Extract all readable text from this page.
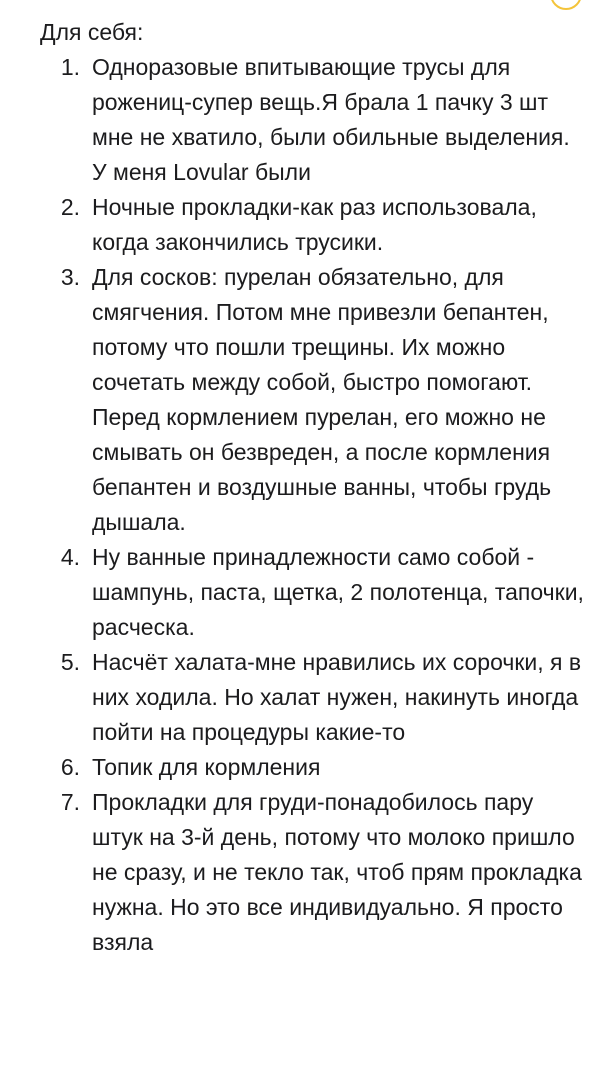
Для себя:

1. Одноразовые впитывающие трусы для рожениц-супер вещь.Я брала 1 пачку 3 шт мне не хватило, были обильные выделения. У меня Lovular были
2. Ночные прокладки-как раз использовала, когда закончились трусики.
3. Для сосков: пурелан обязательно, для смягчения. Потом мне привезли бепантен, потому что пошли трещины. Их можно сочетать между собой, быстро помогают. Перед кормлением пурелан, его можно не смывать он безвреден, а после кормления бепантен и воздушные ванны, чтобы грудь дышала.
4. Ну ванные принадлежности само собой - шампунь, паста, щетка, 2 полотенца, тапочки, расческа.
5. Насчёт халата-мне нравились их сорочки, я в них ходила. Но халат нужен, накинуть иногда пойти на процедуры какие-то
6. Топик для кормления
7. Прокладки для груди-понадобилось пару штук на 3-й день, потому что молоко пришло не сразу, и не текло так, чтоб прям прокладка нужна. Но это все индивидуально. Я просто взяла
